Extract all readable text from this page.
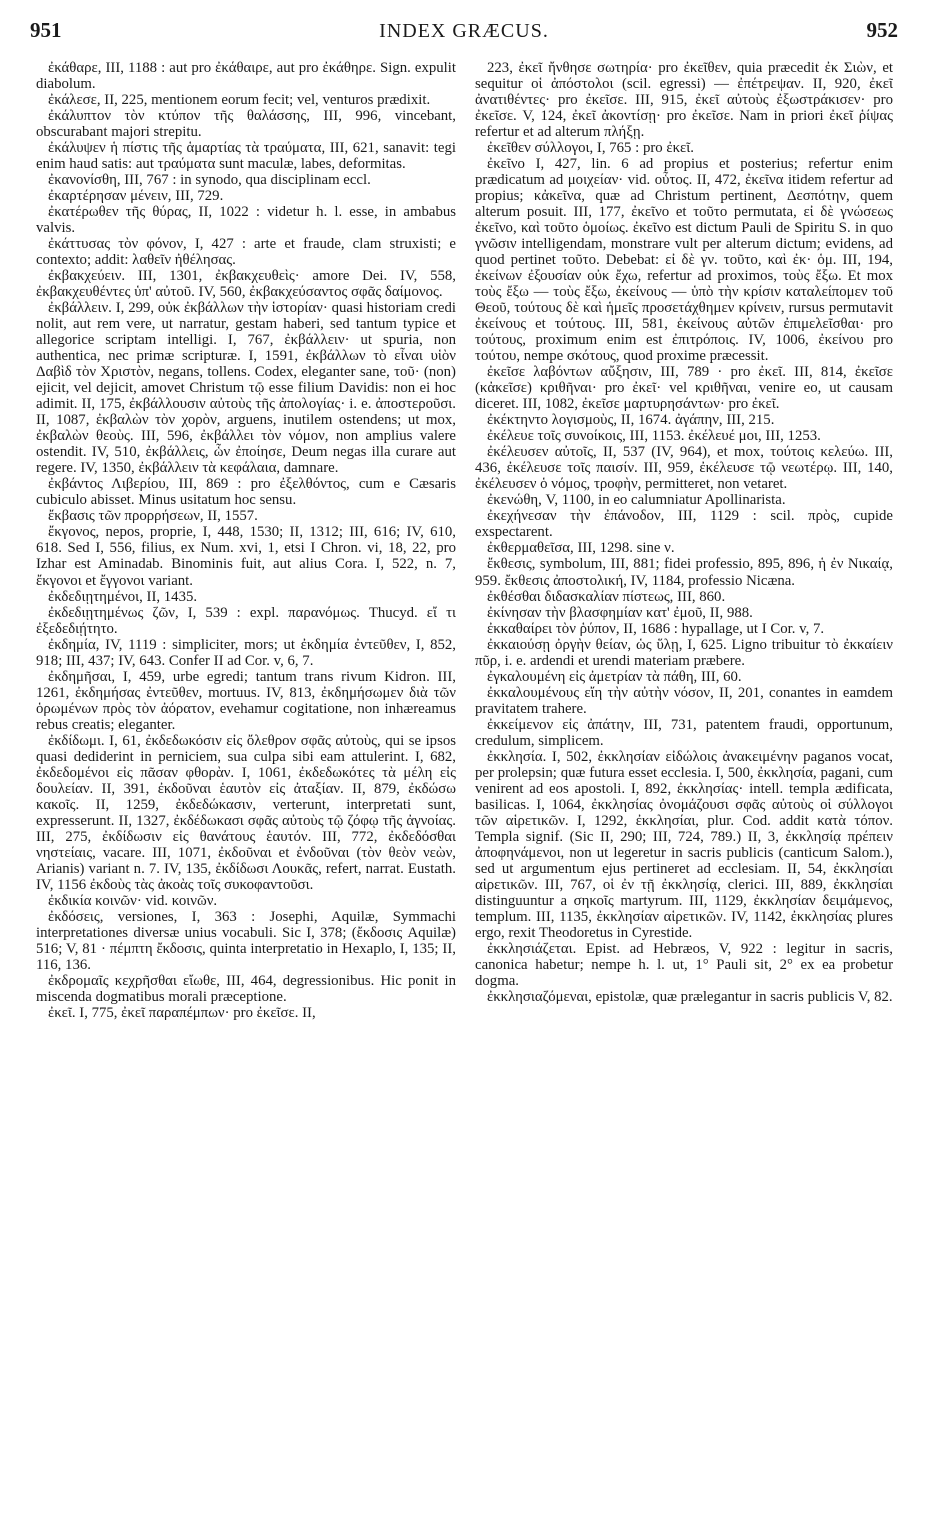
951	INDEX GRÆCUS.	952

ἐκάθαρε, III, 1188 : aut pro ἐκάθαιρε, aut pro ἐκάθηρε. Sign. expulit diabolum.

ἐκάλεσε, II, 225, mentionem eorum fecit; vel, venturos prædixit.

ἐκάλυπτον τὸν κτύπον τῆς θαλάσσης, III, 996, vincebant, obscurabant majori strepitu.

ἐκάλυψεν ἡ πίστις τῆς ἁμαρτίας τὰ τραύματα, III, 621, sanavit: tegi enim haud satis: aut τραύματα sunt maculæ, labes, deformitas.

ἐκανονίσθη, III, 767 : in synodo, qua disciplinam eccl.

ἐκαρτέρησαν μένειν, III, 729.

ἐκατέρωθεν τῆς θύρας, II, 1022 : videtur h. l. esse, in ambabus valvis.

ἐκάττυσας τὸν φόνον, I, 427 : arte et fraude, clam struxisti; e contexto; addit: λαθεῖν ἠθέλησας.

ἐκβακχεύειν. III, 1301, ἐκβακχευθεὶς· amore Dei. IV, 558, ἐκβακχευθέντες ὑπ' αὐτοῦ. IV, 560, ἐκβακχεύσαντος σφᾶς δαίμονος.

ἐκβάλλειν. I, 299, οὐκ ἐκβάλλων τὴν ἱστορίαν· quasi historiam credi nolit, aut rem vere, ut narratur, gestam haberi, sed tantum typice et allegorice scriptam intelligi. I, 767, ἐκβάλλειν· ut spuria, non authentica, nec primæ scripturæ. I, 1591, ἐκβάλλων τὸ εἶναι υἱὸν Δαβὶδ τὸν Χριστὸν, negans, tollens. Codex, eleganter sane, τοῦ· (non) ejicit, vel dejicit, amovet Christum τῷ esse filium Davidis: non ei hoc adimit. II, 175, ἐκβάλλουσιν αὐτοὺς τῆς ἀπολογίας· i. e. ἀποστεροῦσι. II, 1087, ἐκβαλὼν τὸν χορὸν, arguens, inutilem ostendens; ut mox, ἐκβαλὼν θεοὺς. III, 596, ἐκβάλλει τὸν νόμον, non amplius valere ostendit. IV, 510, ἐκβάλλεις, ὧν ἐποίησε, Deum negas illa curare aut regere. IV, 1350, ἐκβάλλειν τὰ κεφάλαια, damnare.

ἐκβάντος Λιβερίου, III, 869 : pro ἐξελθόντος, cum e Cæsaris cubiculo abisset. Minus usitatum hoc sensu.

ἔκβασις τῶν προρρήσεων, II, 1557.

ἔκγονος, nepos, proprie, I, 448, 1530; II, 1312; III, 616; IV, 610, 618. Sed I, 556, filius, ex Num. xvi, 1, etsi I Chron. vi, 18, 22, pro Izhar est Aminadab. Binominis fuit, aut alius Cora. I, 522, n. 7, ἔκγονοι et ἔγγονοι variant.

ἐκδεδιῃτημένοι, II, 1435.

ἐκδεδιῃτημένως ζῶν, I, 539 : expl. παρανόμως. Thucyd. εἴ τι ἐξεδεδιῄτητο.

ἐκδημία, IV, 1119 : simpliciter, mors; ut ἐκδημία ἐντεῦθεν, I, 852, 918; III, 437; IV, 643. Confer II ad Cor. v, 6, 7.

ἐκδημῆσαι, I, 459, urbe egredi; tantum trans rivum Kidron. III, 1261, ἐκδημήσας ἐντεῦθεν, mortuus. IV, 813, ἐκδημήσωμεν διὰ τῶν ὁρωμένων πρὸς τὸν ἀόρατον, evehamur cogitatione, non inhæreamus rebus creatis; eleganter.

ἐκδίδωμι. I, 61, ἐκδεδωκόσιν εἰς ὄλεθρον σφᾶς αὐτοὺς, qui se ipsos quasi dediderint in perniciem, sua culpa sibi eam attulerint. I, 682, ἐκδεδομένοι εἰς πᾶσαν φθορὰν. I, 1061, ἐκδεδωκότες τὰ μέλη εἰς δουλείαν. II, 391, ἐκδοῦναι ἑαυτὸν εἰς ἀταξίαν. II, 879, ἐκδώσω κακοῖς. II, 1259, ἐκδεδώκασιν, verterunt, interpretati sunt, expresserunt. II, 1327, ἐκδέδωκασι σφᾶς αὐτοὺς τῷ ζόφῳ τῆς ἀγνοίας. III, 275, ἐκδίδωσιν εἰς θανάτους ἑαυτόν. III, 772, ἐκδεδόσθαι νηστείαις, vacare. III, 1071, ἐκδοῦναι et ἐνδοῦναι (τὸν θεὸν νεὼν, Arianis) variant n. 7. IV, 135, ἐκδίδωσι Λουκᾶς, refert, narrat. Eustath. IV, 1156 ἐκδοὺς τὰς ἀκοὰς τοῖς συκοφαντοῦσι.

ἐκδικία κοινῶν· vid. κοινῶν.

ἐκδόσεις, versiones, I, 363 : Josephi, Aquilæ, Symmachi interpretationes diversæ unius vocabuli. Sic I, 378; (ἔκδοσις Aquilæ) 516; V, 81 · πέμπτη ἔκδοσις, quinta interpretatio in Hexaplo, I, 135; II, 116, 136.

ἐκδρομαῖς κεχρῆσθαι εἴωθε, III, 464, degressionibus. Hic ponit in miscenda dogmatibus morali præceptione.

ἐκεῖ. I, 775, ἐκεῖ παραπέμπων· pro ἐκεῖσε. II,

223, ἐκεῖ ἤνθησε σωτηρία· pro ἐκεῖθεν, quia præcedit ἐκ Σιὼν, et sequitur οἱ ἀπόστολοι (scil. egressi) — ἐπέτρεψαν. II, 920, ἐκεῖ ἀνατιθέντες· pro ἐκεῖσε. III, 915, ἐκεῖ αὐτοὺς ἐξωστράκισεν· pro ἐκεῖσε. V, 124, ἐκεῖ ἀκοντίσῃ· pro ἐκεῖσε. Nam in priori ἐκεῖ ῥίψας refertur et ad alterum πλήξῃ.

ἐκεῖθεν σύλλογοι, I, 765 : pro ἐκεῖ.

ἐκεῖνο I, 427, lin. 6 ad propius et posterius; refertur enim prædicatum ad μοιχείαν· vid. οὗτος. II, 472, ἐκεῖνα itidem refertur ad propius; κἀκεῖνα, quæ ad Christum pertinent, Δεσπότην, quem alterum posuit. III, 177, ἐκεῖνο et τοῦτο permutata, εἰ δὲ γνώσεως ἐκεῖνο, καὶ τοῦτο ὁμοίως. ἐκεῖνο est dictum Pauli de Spiritu S. in quo γνῶσιν intelligendam, monstrare vult per alterum dictum; evidens, ad quod pertinet τοῦτο. Debebat: εἰ δὲ γν. τοῦτο, καὶ ἐκ· ὁμ. III, 194, ἐκείνων ἐξουσίαν οὐκ ἔχω, refertur ad proximos, τοὺς ἔξω. Et mox τοὺς ἔξω — τοὺς ἔξω, ἐκείνους — ὑπὸ τὴν κρίσιν καταλείπομεν τοῦ Θεοῦ, τούτους δὲ καὶ ἡμεῖς προσετάχθημεν κρίνειν, rursus permutavit ἐκείνους et τούτους. III, 581, ἐκείνους αὐτῶν ἐπιμελεῖσθαι· pro τούτους, proximum enim est ἐπιτρόποις. IV, 1006, ἐκείνου pro τούτου, nempe σκότους, quod proxime præcessit.

ἐκεῖσε λαβόντων αὔξησιν, III, 789 · pro ἐκεῖ. III, 814, ἐκεῖσε (κἀκεῖσε) κριθῆναι· pro ἐκεῖ· vel κριθῆναι, venire eo, ut causam diceret. III, 1082, ἐκεῖσε μαρτυρησάντων· pro ἐκεῖ.

ἐκέκτηντο λογισμοὺς, II, 1674. ἀγάπην, III, 215.

ἐκέλευε τοῖς συνοίκοις, III, 1153. ἐκέλευέ μοι, III, 1253.

ἐκέλευσεν αὐτοῖς, II, 537 (IV, 964), et mox, τούτοις κελεύω. III, 436, ἐκέλευσε τοῖς παισίν. III, 959, ἐκέλευσε τῷ νεωτέρῳ. III, 140, ἐκέλευσεν ὁ νόμος, τροφὴν, permitteret, non vetaret.

ἐκενώθη, V, 1100, in eo calumniatur Apollinarista.

ἐκεχήνεσαν τὴν ἐπάνοδον, III, 1129 : scil. πρὸς, cupide exspectarent.

ἐκθερμαθεῖσα, III, 1298. sine ν.

ἔκθεσις, symbolum, III, 881; fidei professio, 895, 896, ἡ ἐν Νικαίᾳ, 959. ἔκθεσις ἀποστολική, IV, 1184, professio Nicæna.

ἐκθέσθαι διδασκαλίαν πίστεως, III, 860.

ἐκίνησαν τὴν βλασφημίαν κατ' ἐμοῦ, II, 988.

ἐκκαθαίρει τὸν ῥύπον, II, 1686 : hypallage, ut I Cor. v, 7.

ἐκκαιούσῃ ὀργὴν θείαν, ὡς ὕλῃ, I, 625. Ligno tribuitur τὸ ἐκκαίειν πῦρ, i. e. ardendi et urendi materiam præbere.

ἐγκαλουμένη εἰς ἀμετρίαν τὰ πάθη, III, 60.

ἐκκαλουμένους εἴη τὴν αὐτὴν νόσον, II, 201, conantes in eamdem pravitatem trahere.

ἐκκείμενον εἰς ἀπάτην, III, 731, patentem fraudi, opportunum, credulum, simplicem.

ἐκκλησία. I, 502, ἐκκλησίαν εἰδώλοις ἀνακειμένην paganos vocat, per prolepsin; quæ futura esset ecclesia. I, 500, ἐκκλησία, pagani, cum venirent ad eos apostoli. I, 892, ἐκκλησίας· intell. templa ædificata, basilicas. I, 1064, ἐκκλησίας ὀνομάζουσι σφᾶς αὐτοὺς οἱ σύλλογοι τῶν αἱρετικῶν. I, 1292, ἐκκλησίαι, plur. Cod. addit κατὰ τόπον. Templa signif. (Sic II, 290; III, 724, 789.) II, 3, ἐκκλησίᾳ πρέπειν ἀποφηνάμενοι, non ut legeretur in sacris publicis (canticum Salom.), sed ut argumentum ejus pertineret ad ecclesiam. II, 54, ἐκκλησίαι αἱρετικῶν. III, 767, οἱ ἐν τῇ ἐκκλησίᾳ, clerici. III, 889, ἐκκλησίαι distinguuntur a σηκοῖς martyrum. III, 1129, ἐκκλησίαν δειμάμενος, templum. III, 1135, ἐκκλησίαν αἱρετικῶν. IV, 1142, ἐκκλησίας plures ergo, rexit Theodoretus in Cyrestide.

ἐκκλησιάζεται. Epist. ad Hebræos, V, 922 : legitur in sacris, canonica habetur; nempe h. l. ut, 1° Pauli sit, 2° ex ea probetur dogma.

ἐκκλησιαζόμεναι, epistolæ, quæ prælegantur in sacris publicis V, 82.
